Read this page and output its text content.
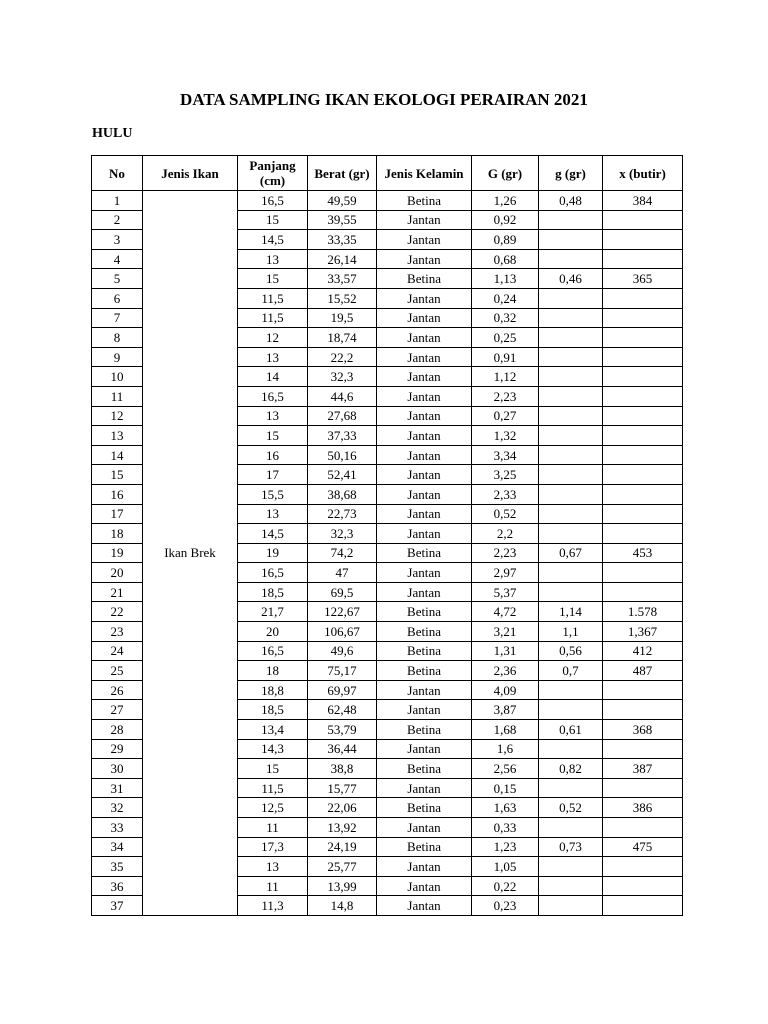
DATA SAMPLING IKAN EKOLOGI PERAIRAN 2021
HULU
No	Jenis Ikan	Panjang (cm)	Berat (gr)	Jenis Kelamin	G (gr)	g (gr)	x (butir)
1	Ikan Brek	16,5	49,59	Betina	1,26	0,48	384
2		15	39,55	Jantan	0,92		
3		14,5	33,35	Jantan	0,89		
4		13	26,14	Jantan	0,68		
5		15	33,57	Betina	1,13	0,46	365
6		11,5	15,52	Jantan	0,24		
7		11,5	19,5	Jantan	0,32		
8		12	18,74	Jantan	0,25		
9		13	22,2	Jantan	0,91		
10		14	32,3	Jantan	1,12		
11		16,5	44,6	Jantan	2,23		
12		13	27,68	Jantan	0,27		
13		15	37,33	Jantan	1,32		
14		16	50,16	Jantan	3,34		
15		17	52,41	Jantan	3,25		
16		15,5	38,68	Jantan	2,33		
17		13	22,73	Jantan	0,52		
18		14,5	32,3	Jantan	2,2		
19		19	74,2	Betina	2,23	0,67	453
20		16,5	47	Jantan	2,97		
21		18,5	69,5	Jantan	5,37		
22		21,7	122,67	Betina	4,72	1,14	1.578
23		20	106,67	Betina	3,21	1,1	1,367
24		16,5	49,6	Betina	1,31	0,56	412
25		18	75,17	Betina	2,36	0,7	487
26		18,8	69,97	Jantan	4,09		
27		18,5	62,48	Jantan	3,87		
28		13,4	53,79	Betina	1,68	0,61	368
29		14,3	36,44	Jantan	1,6		
30		15	38,8	Betina	2,56	0,82	387
31		11,5	15,77	Jantan	0,15		
32		12,5	22,06	Betina	1,63	0,52	386
33		11	13,92	Jantan	0,33		
34		17,3	24,19	Betina	1,23	0,73	475
35		13	25,77	Jantan	1,05		
36		11	13,99	Jantan	0,22		
37		11,3	14,8	Jantan	0,23		
